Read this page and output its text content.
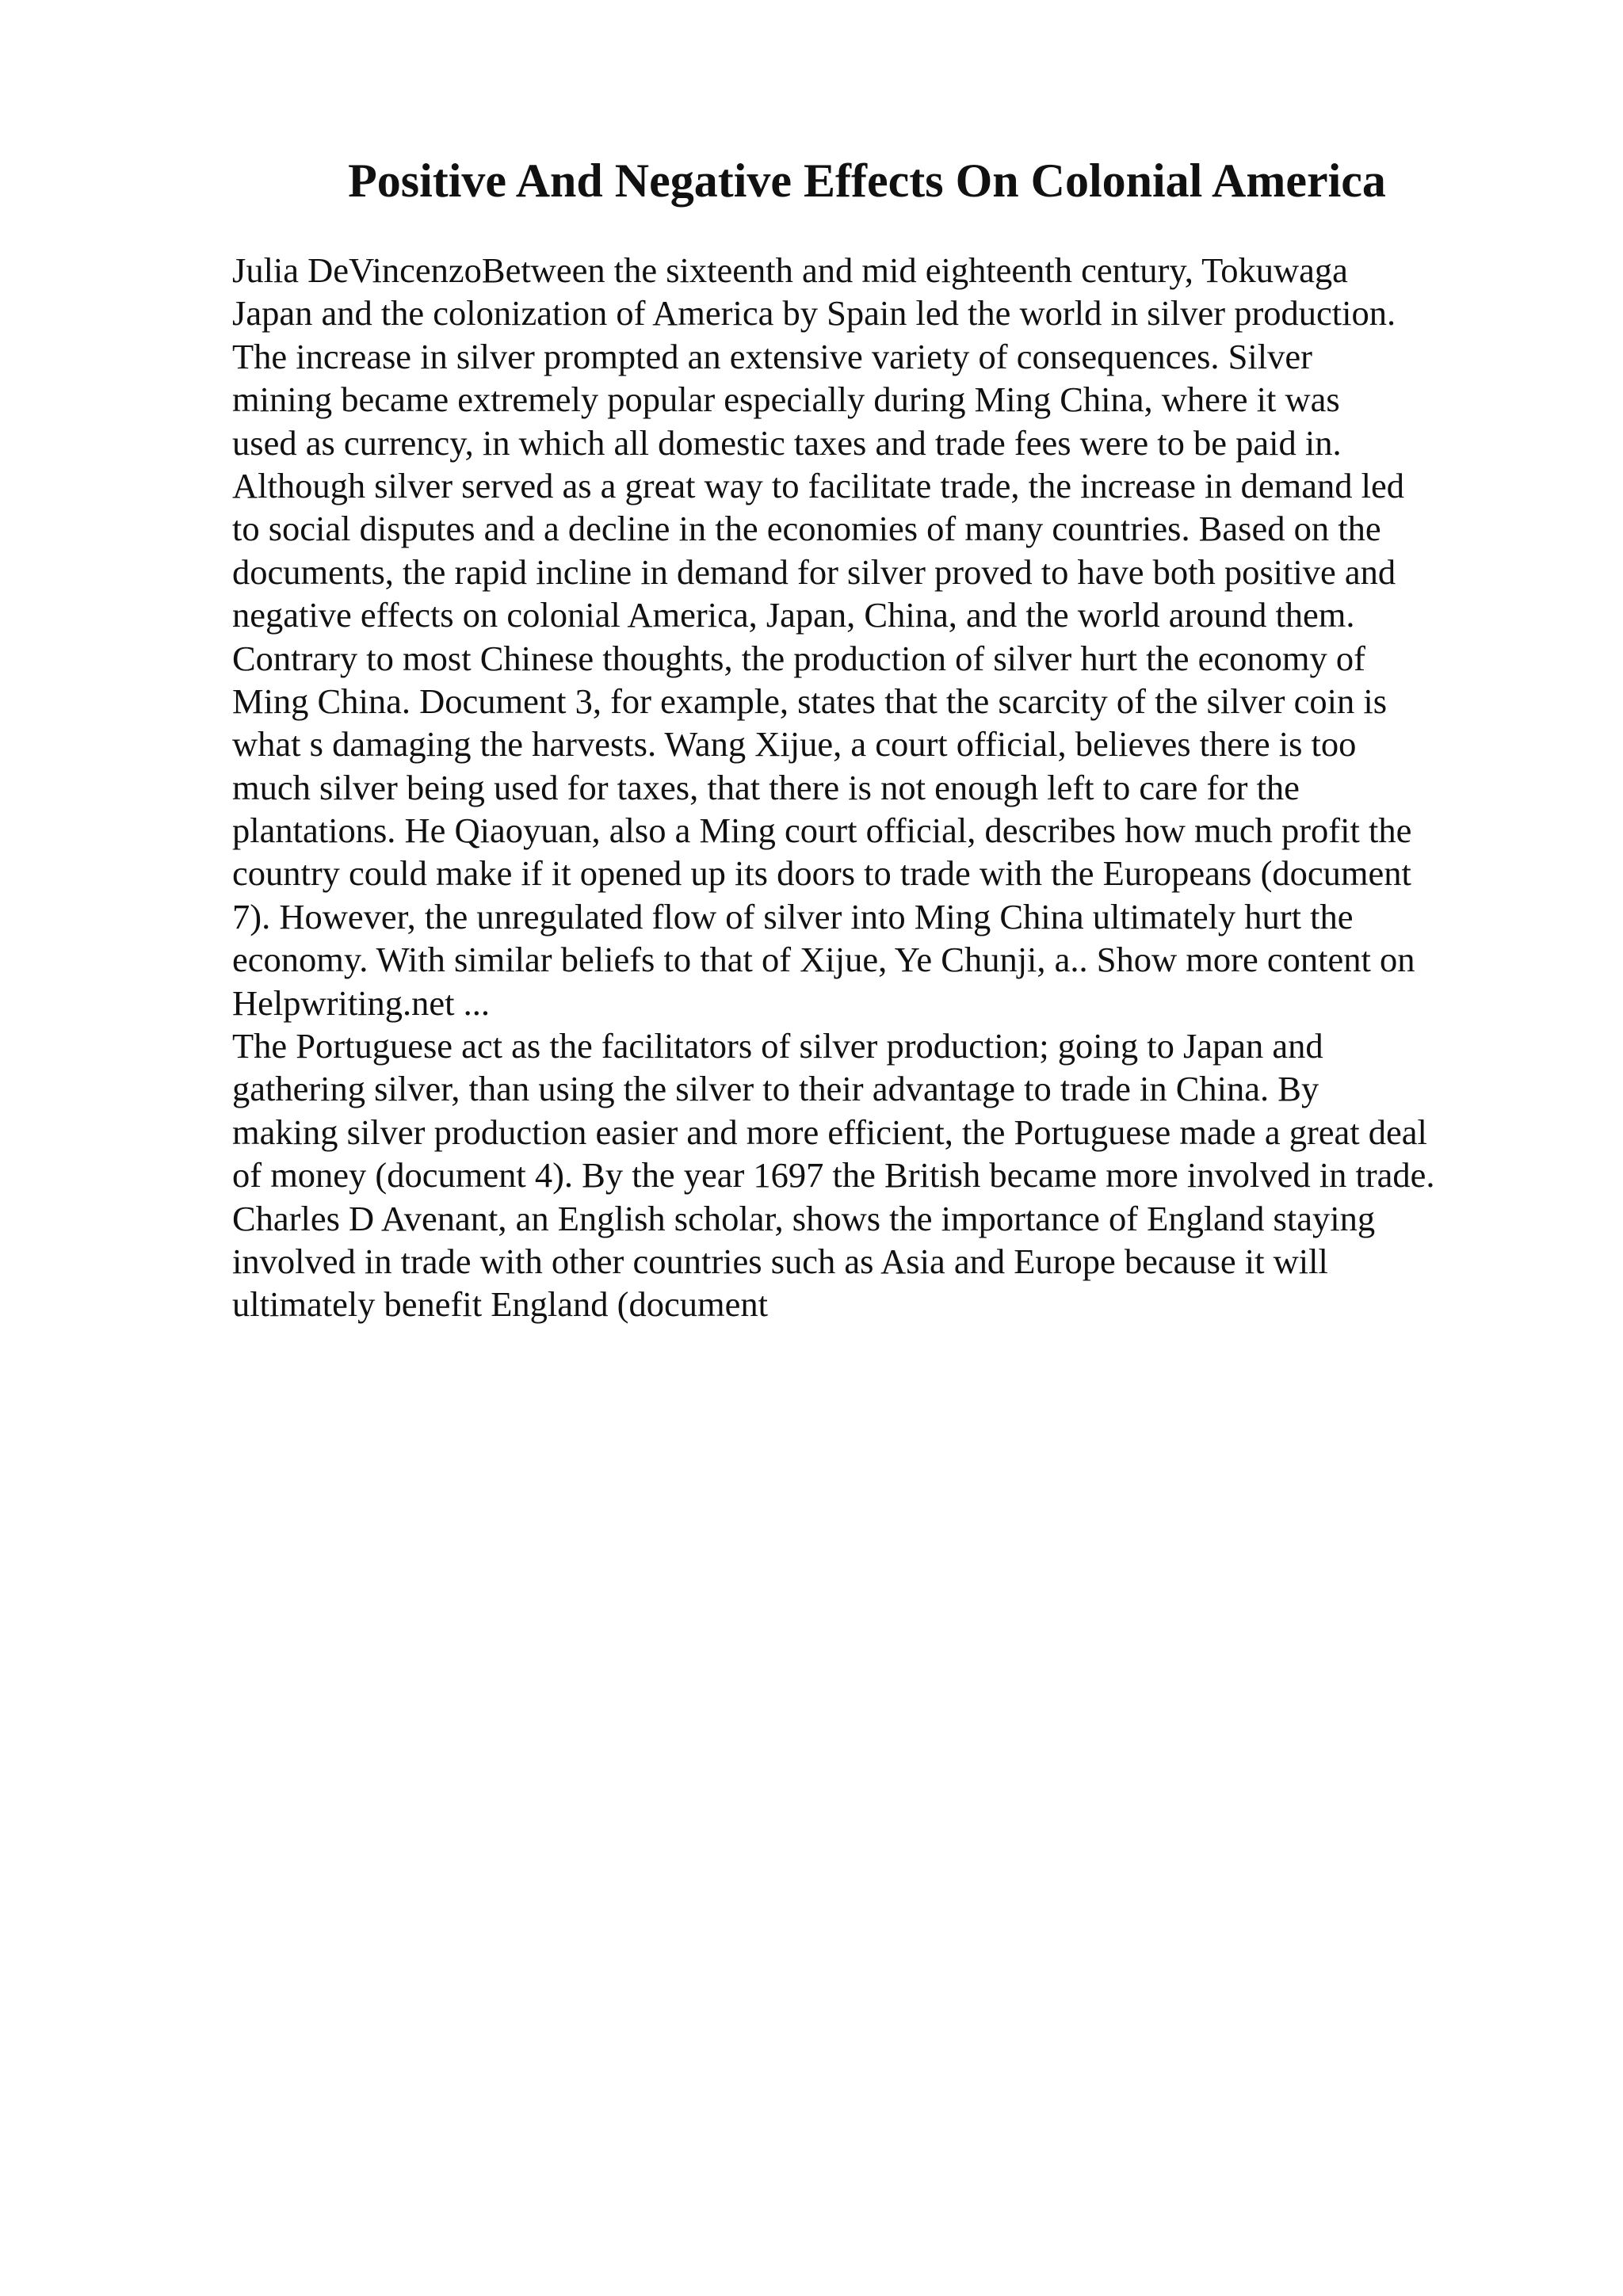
Positive And Negative Effects On Colonial America
Julia DeVincenzoBetween the sixteenth and mid eighteenth century, Tokuwaga
Japan and the colonization of America by Spain led the world in silver production.
The increase in silver prompted an extensive variety of consequences. Silver
mining became extremely popular especially during Ming China, where it was
used as currency, in which all domestic taxes and trade fees were to be paid in.
Although silver served as a great way to facilitate trade, the increase in demand led
to social disputes and a decline in the economies of many countries. Based on the
documents, the rapid incline in demand for silver proved to have both positive and
negative effects on colonial America, Japan, China, and the world around them.
Contrary to most Chinese thoughts, the production of silver hurt the economy of
Ming China. Document 3, for example, states that the scarcity of the silver coin is
what s damaging the harvests. Wang Xijue, a court official, believes there is too
much silver being used for taxes, that there is not enough left to care for the
plantations. He Qiaoyuan, also a Ming court official, describes how much profit the
country could make if it opened up its doors to trade with the Europeans (document
7). However, the unregulated flow of silver into Ming China ultimately hurt the
economy. With similar beliefs to that of Xijue, Ye Chunji, a.. Show more content on
Helpwriting.net ...
The Portuguese act as the facilitators of silver production; going to Japan and
gathering silver, than using the silver to their advantage to trade in China. By
making silver production easier and more efficient, the Portuguese made a great deal
of money (document 4). By the year 1697 the British became more involved in trade.
Charles D Avenant, an English scholar, shows the importance of England staying
involved in trade with other countries such as Asia and Europe because it will
ultimately benefit England (document
